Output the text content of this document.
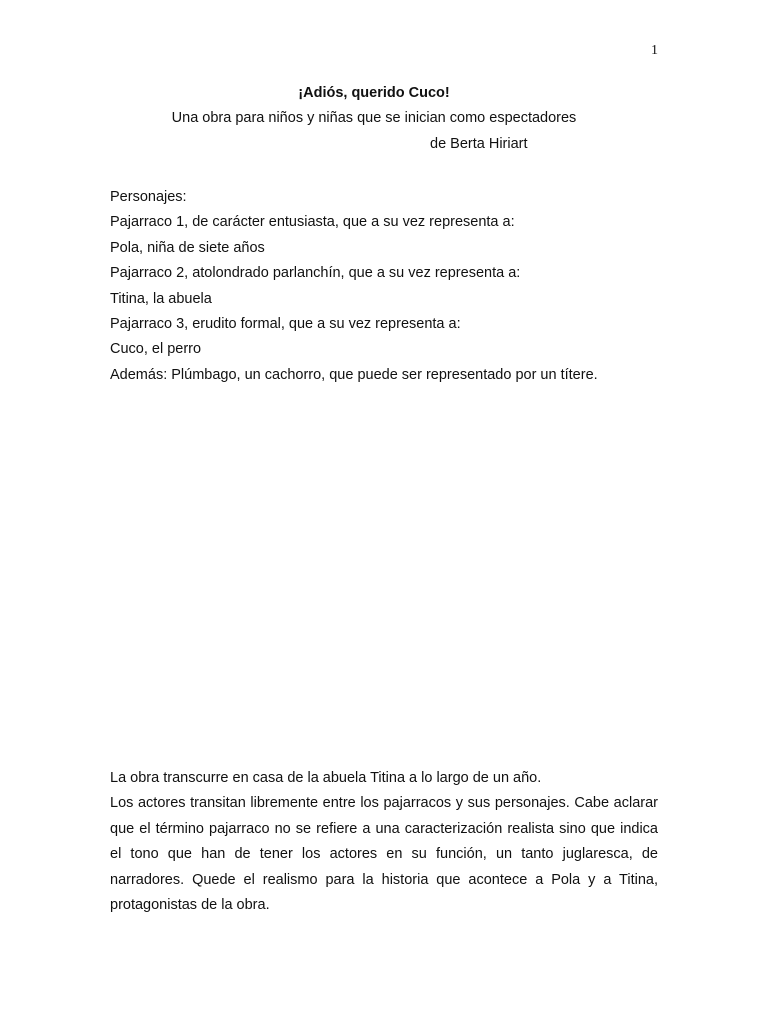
1
¡Adiós, querido Cuco!
Una obra para niños y niñas que se inician como espectadores
de Berta Hiriart
Personajes:
Pajarraco 1, de carácter entusiasta, que a su vez representa a:
Pola, niña de siete años
Pajarraco 2, atolondrado parlanchín, que a su vez representa a:
Titina, la abuela
Pajarraco 3, erudito formal, que a su vez representa a:
Cuco, el perro
Además: Plúmbago, un cachorro, que puede ser representado por un títere.

La obra transcurre en casa de la abuela Titina a lo largo de un año.

Los actores transitan libremente entre los pajarracos y sus personajes. Cabe aclarar que el término pajarraco no se refiere a una caracterización realista sino que indica el tono que han de tener los actores en su función, un tanto juglaresca, de narradores. Quede el realismo para la historia que acontece a Pola y a Titina, protagonistas de la obra.
